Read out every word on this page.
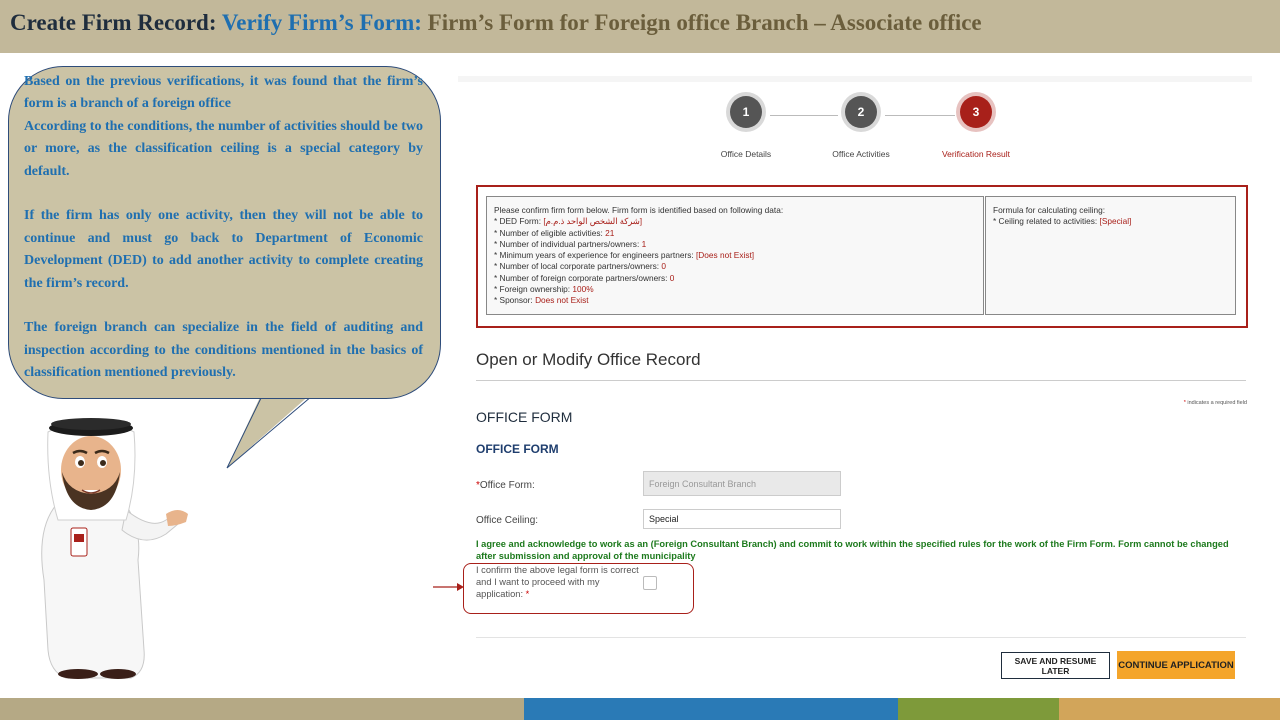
Create Firm Record: Verify Firm’s Form: Firm’s Form for Foreign office Branch – Associate office

Based on the previous verifications, it was found that the firm’s form is a branch of a foreign office

According to the conditions, the number of activities should be two or more, as the classification ceiling is a special category by default.

If the firm has only one activity, then they will not be able to continue and must go back to Department of Economic Development (DED) to add another activity to complete creating the firm’s record.

The foreign branch can specialize in the field of auditing and inspection according to the conditions mentioned in the basics of classification mentioned previously.

1	2	3
Office Details	Office Activities	Verification Result
Please confirm firm form below. Firm form is identified based on following data:
* DED Form: [شركة الشخص الواحد ذ.م.م]
* Number of eligible activities: 21
* Number of individual partners/owners: 1
* Minimum years of experience for engineers partners: [Does not Exist]
* Number of local corporate partners/owners: 0
* Number of foreign corporate partners/owners: 0
* Foreign ownership: 100%
* Sponsor: Does not Exist
Formula for calculating ceiling:
* Ceiling related to activities: [Special]
Open or Modify Office Record
* indicates a required field
OFFICE FORM
OFFICE FORM
*Office Form:	Foreign Consultant Branch
Office Ceiling:	Special
I agree and acknowledge to work as an (Foreign Consultant Branch) and commit to work within the specified rules for the work of the Firm Form. Form cannot be changed after submission and approval of the municipality
I confirm the above legal form is correct and I want to proceed with my application: *
SAVE AND RESUME LATER	CONTINUE APPLICATION
